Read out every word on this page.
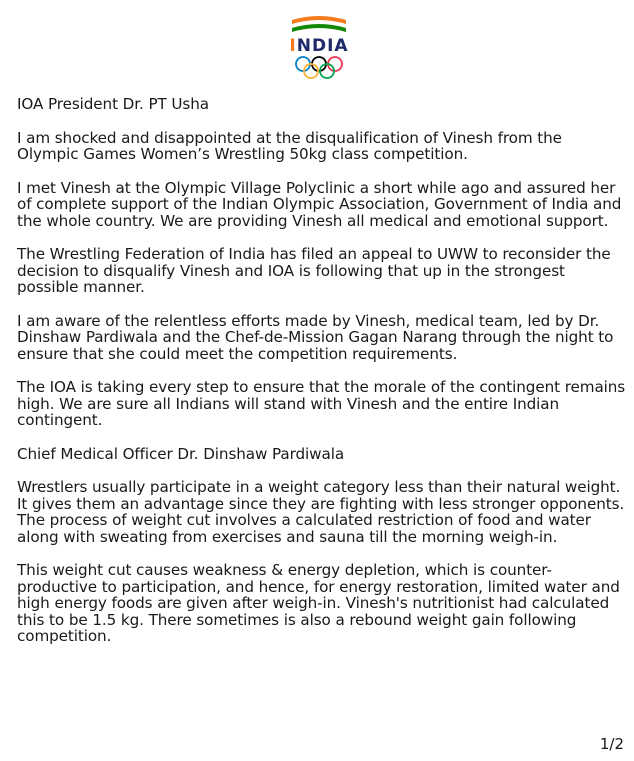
INDIA

IOA President Dr. PT Usha

I am shocked and disappointed at the disqualification of Vinesh from the Olympic Games Women’s Wrestling 50kg class competition.

I met Vinesh at the Olympic Village Polyclinic a short while ago and assured her of complete support of the Indian Olympic Association, Government of India and the whole country. We are providing Vinesh all medical and emotional support.

The Wrestling Federation of India has filed an appeal to UWW to reconsider the decision to disqualify Vinesh and IOA is following that up in the strongest possible manner.

I am aware of the relentless efforts made by Vinesh, medical team, led by Dr. Dinshaw Pardiwala and the Chef-de-Mission Gagan Narang through the night to ensure that she could meet the competition requirements.

The IOA is taking every step to ensure that the morale of the contingent remains high. We are sure all Indians will stand with Vinesh and the entire Indian contingent.

Chief Medical Officer Dr. Dinshaw Pardiwala

Wrestlers usually participate in a weight category less than their natural weight. It gives them an advantage since they are fighting with less stronger opponents. The process of weight cut involves a calculated restriction of food and water along with sweating from exercises and sauna till the morning weigh-in.

This weight cut causes weakness & energy depletion, which is counter-productive to participation, and hence, for energy restoration, limited water and high energy foods are given after weigh-in. Vinesh's nutritionist had calculated this to be 1.5 kg. There sometimes is also a rebound weight gain following competition.

1/2
